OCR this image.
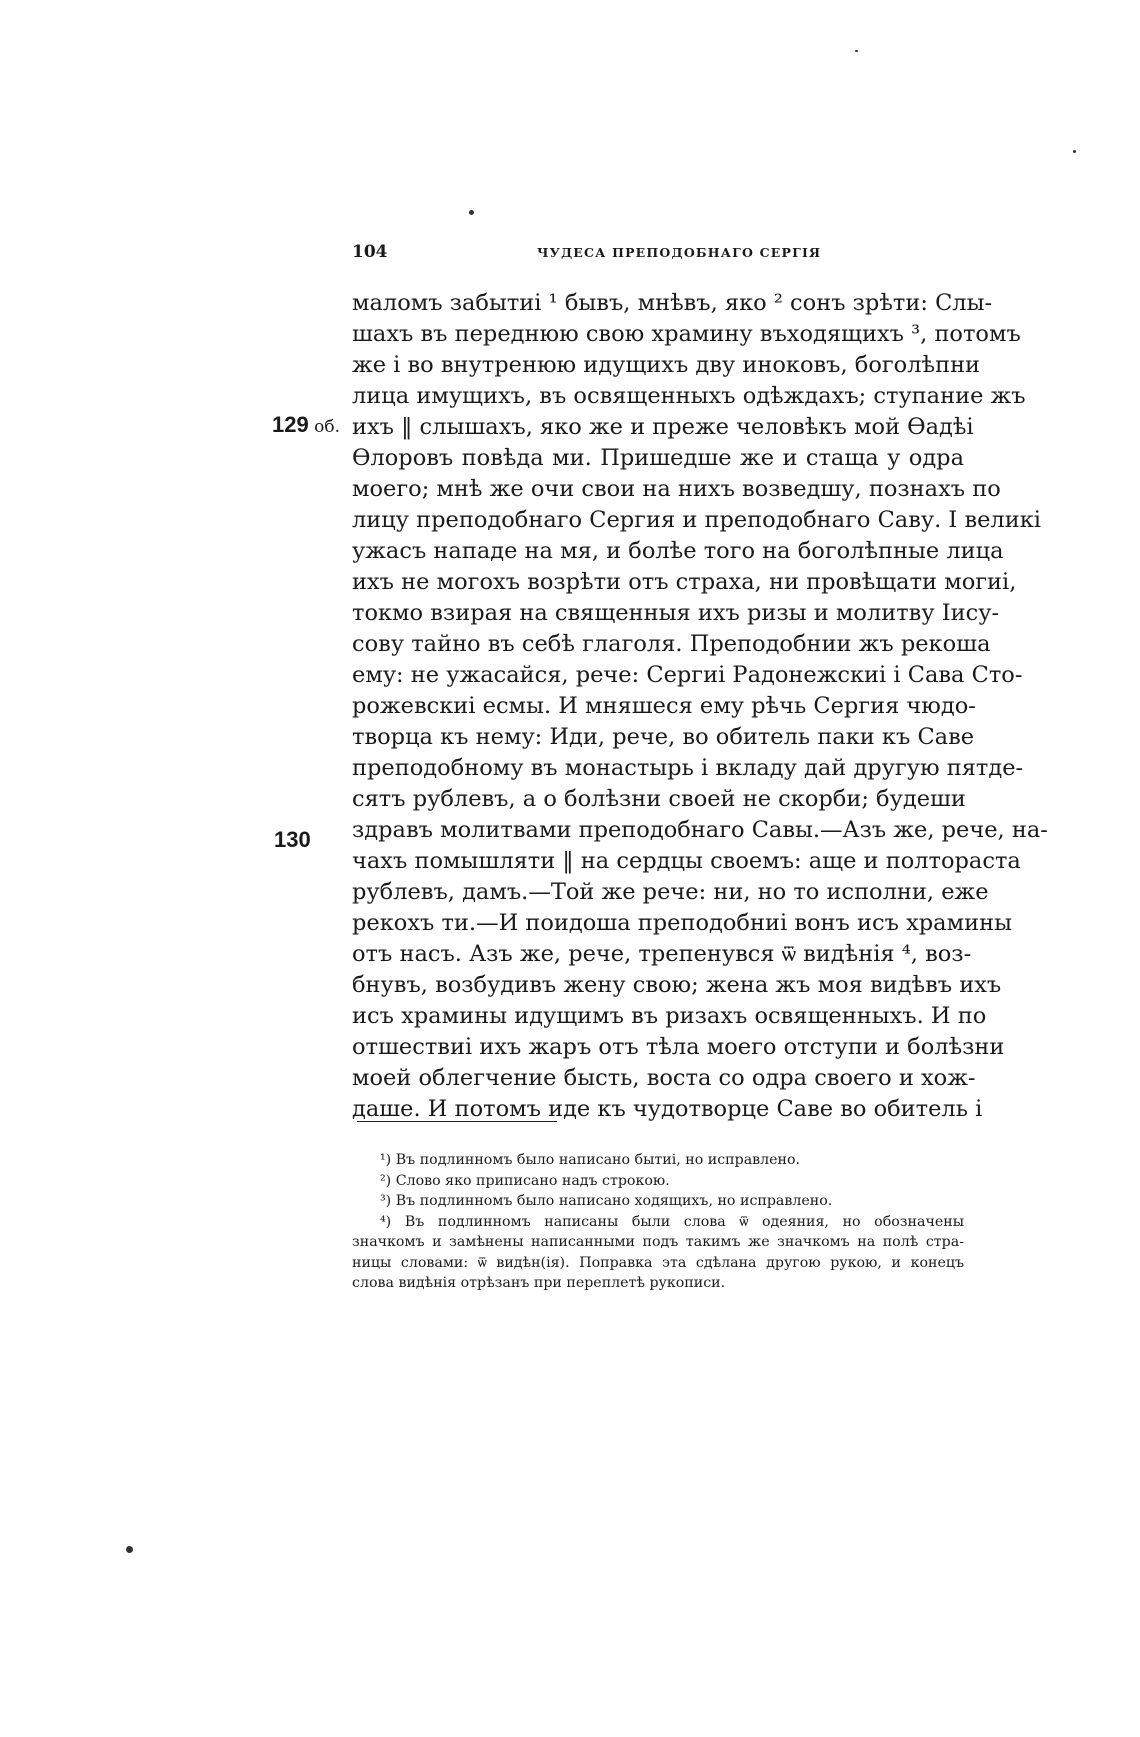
104	ЧУДЕСА ПРЕПОДОБНАГО СЕРГІЯ
129 об.
130
маломъ забытиі ¹ бывъ, мнѣвъ, яко ² сонъ зрѣти: Слы-
шахъ въ переднюю свою храмину въходящихъ ³, потомъ
же і во внутренюю идущихъ дву иноковъ, боголѣпни
лица имущихъ, въ освященныхъ одѣждахъ; ступание жъ
ихъ ‖ слышахъ, яко же и преже человѣкъ мой Ѳадѣі
Ѳлоровъ повѣда ми. Пришедше же и стаща у одра
моего; мнѣ же очи свои на нихъ возведшу, познахъ по
лицу преподобнаго Сергия и преподобнаго Саву. І великі
ужасъ нападе на мя, и болѣе того на боголѣпные лица
ихъ не могохъ возрѣти отъ страха, ни провѣщати могиі,
токмо взирая на священныя ихъ ризы и молитву Іису-
сову тайно въ себѣ глаголя. Преподобнии жъ рекоша
ему: не ужасайся, рече: Сергиі Радонежскиі і Сава Сто-
рожевскиі есмы. И мняшеся ему рѣчь Сергия чюдо-
творца къ нему: Иди, рече, во обитель паки къ Саве
преподобному въ монастырь і вкладу дай другую пятде-
сятъ рублевъ, а о болѣзни своей не скорби; будеши
здравъ молитвами преподобнаго Савы.—Азъ же, рече, на-
чахъ помышляти ‖ на сердцы своемъ: аще и полтораста
рублевъ, дамъ.—Той же рече: ни, но то исполни, еже
рекохъ ти.—И поидоша преподобниі вонъ исъ храмины
отъ насъ. Азъ же, рече, трепенувся ѿ видѣнія ⁴, воз-
бнувъ, возбудивъ жену свою; жена жъ моя видѣвъ ихъ
исъ храмины идущимъ въ ризахъ освященныхъ. И по
отшествиі ихъ жаръ отъ тѣла моего отступи и болѣзни
моей облегчение бысть, воста со одра своего и хож-
даше. И потомъ иде къ чудотворце Саве во обитель і
¹) Въ подлинномъ было написано бытиі, но исправлено.
²) Слово яко приписано надъ строкою.
³) Въ подлинномъ было написано ходящихъ, но исправлено.
⁴) Въ подлинномъ написаны были слова ѿ одеяния, но обозначены
значкомъ и замѣнены написанными подъ такимъ же значкомъ на полѣ стра-
ницы словами: ѿ видѣн(ія). Поправка эта сдѣлана другою рукою, и конецъ
слова видѣнія отрѣзанъ при переплетѣ рукописи.
